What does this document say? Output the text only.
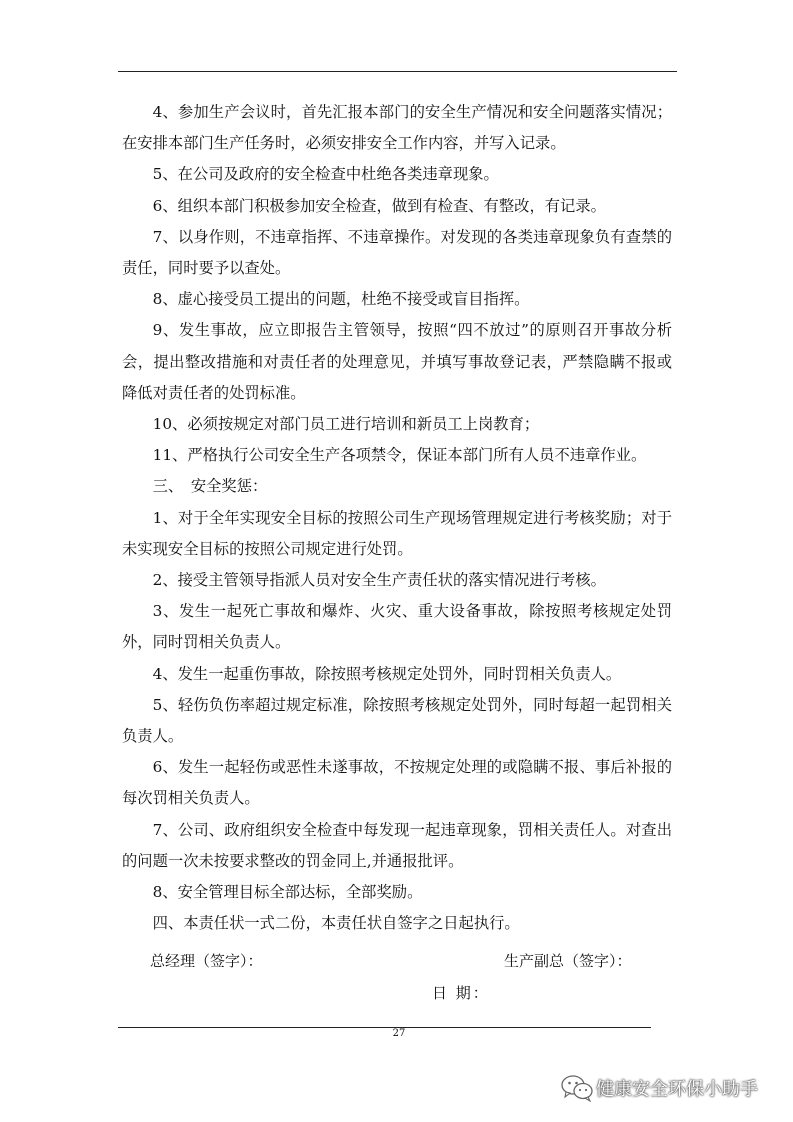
4、参加生产会议时，首先汇报本部门的安全生产情况和安全问题落实情况；在安排本部门生产任务时，必须安排安全工作内容，并写入记录。

5、在公司及政府的安全检查中杜绝各类违章现象。

6、组织本部门积极参加安全检查，做到有检查、有整改，有记录。

7、以身作则，不违章指挥、不违章操作。对发现的各类违章现象负有查禁的责任，同时要予以查处。

8、虚心接受员工提出的问题，杜绝不接受或盲目指挥。

9、发生事故，应立即报告主管领导，按照“四不放过”的原则召开事故分析会，提出整改措施和对责任者的处理意见，并填写事故登记表，严禁隐瞒不报或降低对责任者的处罚标准。

10、必须按规定对部门员工进行培训和新员工上岗教育；

11、严格执行公司安全生产各项禁令，保证本部门所有人员不违章作业。

三、　安全奖惩：

1、对于全年实现安全目标的按照公司生产现场管理规定进行考核奖励；对于未实现安全目标的按照公司规定进行处罚。

2、接受主管领导指派人员对安全生产责任状的落实情况进行考核。

3、发生一起死亡事故和爆炸、火灾、重大设备事故，除按照考核规定处罚外，同时罚相关负责人。

4、发生一起重伤事故，除按照考核规定处罚外，同时罚相关负责人。

5、轻伤负伤率超过规定标准，除按照考核规定处罚外，同时每超一起罚相关负责人。

6、发生一起轻伤或恶性未遂事故，不按规定处理的或隐瞒不报、事后补报的每次罚相关负责人。

7、公司、政府组织安全检查中每发现一起违章现象，罚相关责任人。对查出的问题一次未按要求整改的罚金同上,并通报批评。

8、安全管理目标全部达标，全部奖励。

四、本责任状一式二份，本责任状自签字之日起执行。

总经理（签字）：	生产副总（签字）：
日 期：
27
健康安全环保小助手
